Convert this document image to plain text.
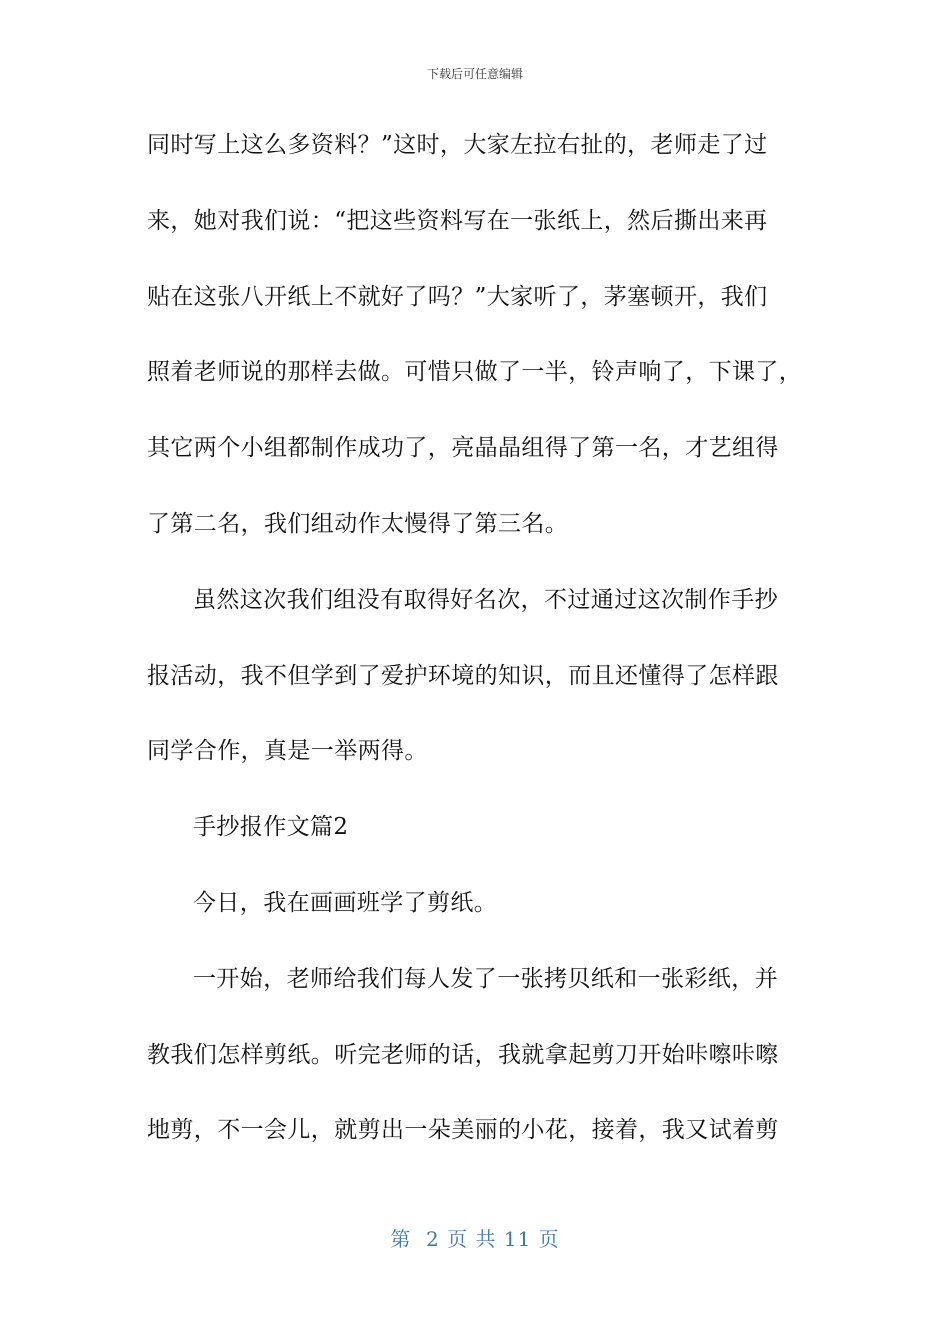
下载后可任意编辑
同时写上这么多资料？”这时，大家左拉右扯的，老师走了过
来，她对我们说：“把这些资料写在一张纸上，然后撕出来再
贴在这张八开纸上不就好了吗？”大家听了，茅塞顿开，我们
照着老师说的那样去做。可惜只做了一半，铃声响了，下课了，
其它两个小组都制作成功了，亮晶晶组得了第一名，才艺组得
了第二名，我们组动作太慢得了第三名。
虽然这次我们组没有取得好名次，不过通过这次制作手抄
报活动，我不但学到了爱护环境的知识，而且还懂得了怎样跟
同学合作，真是一举两得。
手抄报作文篇2
今日，我在画画班学了剪纸。
一开始，老师给我们每人发了一张拷贝纸和一张彩纸，并
教我们怎样剪纸。听完老师的话，我就拿起剪刀开始咔嚓咔嚓
地剪，不一会儿，就剪出一朵美丽的小花，接着，我又试着剪
第  2 页 共 11 页
